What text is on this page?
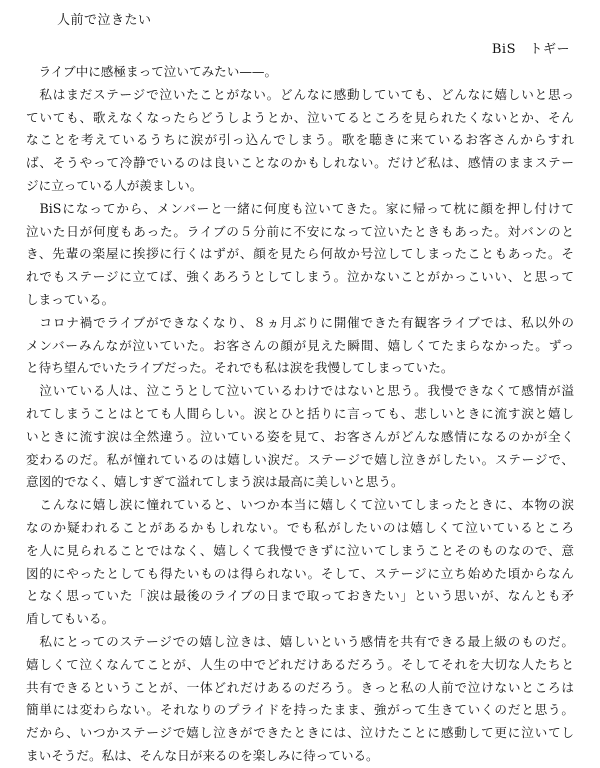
人前で泣きたい
BiS　トギー
　ライブ中に感極まって泣いてみたい——。
　私はまだステージで泣いたことがない。どんなに感動していても、どんなに嬉しいと思っ
ていても、歌えなくなったらどうしようとか、泣いてるところを見られたくないとか、そん
なことを考えているうちに涙が引っ込んでしまう。歌を聴きに来ているお客さんからすれ
ば、そうやって冷静でいるのは良いことなのかもしれない。だけど私は、感情のままステー
ジに立っている人が羨ましい。
　BiSになってから、メンバーと一緒に何度も泣いてきた。家に帰って枕に顔を押し付けて
泣いた日が何度もあった。ライブの５分前に不安になって泣いたときもあった。対バンのと
き、先輩の楽屋に挨拶に行くはずが、顔を見たら何故か号泣してしまったこともあった。そ
れでもステージに立てば、強くあろうとしてしまう。泣かないことがかっこいい、と思って
しまっている。
　コロナ禍でライブができなくなり、８ヵ月ぶりに開催できた有観客ライブでは、私以外の
メンバーみんなが泣いていた。お客さんの顔が見えた瞬間、嬉しくてたまらなかった。ずっ
と待ち望んでいたライブだった。それでも私は涙を我慢してしまっていた。
　泣いている人は、泣こうとして泣いているわけではないと思う。我慢できなくて感情が溢
れてしまうことはとても人間らしい。涙とひと括りに言っても、悲しいときに流す涙と嬉し
いときに流す涙は全然違う。泣いている姿を見て、お客さんがどんな感情になるのかが全く
変わるのだ。私が憧れているのは嬉しい涙だ。ステージで嬉し泣きがしたい。ステージで、
意図的でなく、嬉しすぎて溢れてしまう涙は最高に美しいと思う。
　こんなに嬉し涙に憧れていると、いつか本当に嬉しくて泣いてしまったときに、本物の涙
なのか疑われることがあるかもしれない。でも私がしたいのは嬉しくて泣いているところ
を人に見られることではなく、嬉しくて我慢できずに泣いてしまうことそのものなので、意
図的にやったとしても得たいものは得られない。そして、ステージに立ち始めた頃からなん
となく思っていた「涙は最後のライブの日まで取っておきたい」という思いが、なんとも矛
盾してもいる。
　私にとってのステージでの嬉し泣きは、嬉しいという感情を共有できる最上級のものだ。
嬉しくて泣くなんてことが、人生の中でどれだけあるだろう。そしてそれを大切な人たちと
共有できるということが、一体どれだけあるのだろう。きっと私の人前で泣けないところは
簡単には変わらない。それなりのプライドを持ったまま、強がって生きていくのだと思う。
だから、いつかステージで嬉し泣きができたときには、泣けたことに感動して更に泣いてし
まいそうだ。私は、そんな日が来るのを楽しみに待っている。
